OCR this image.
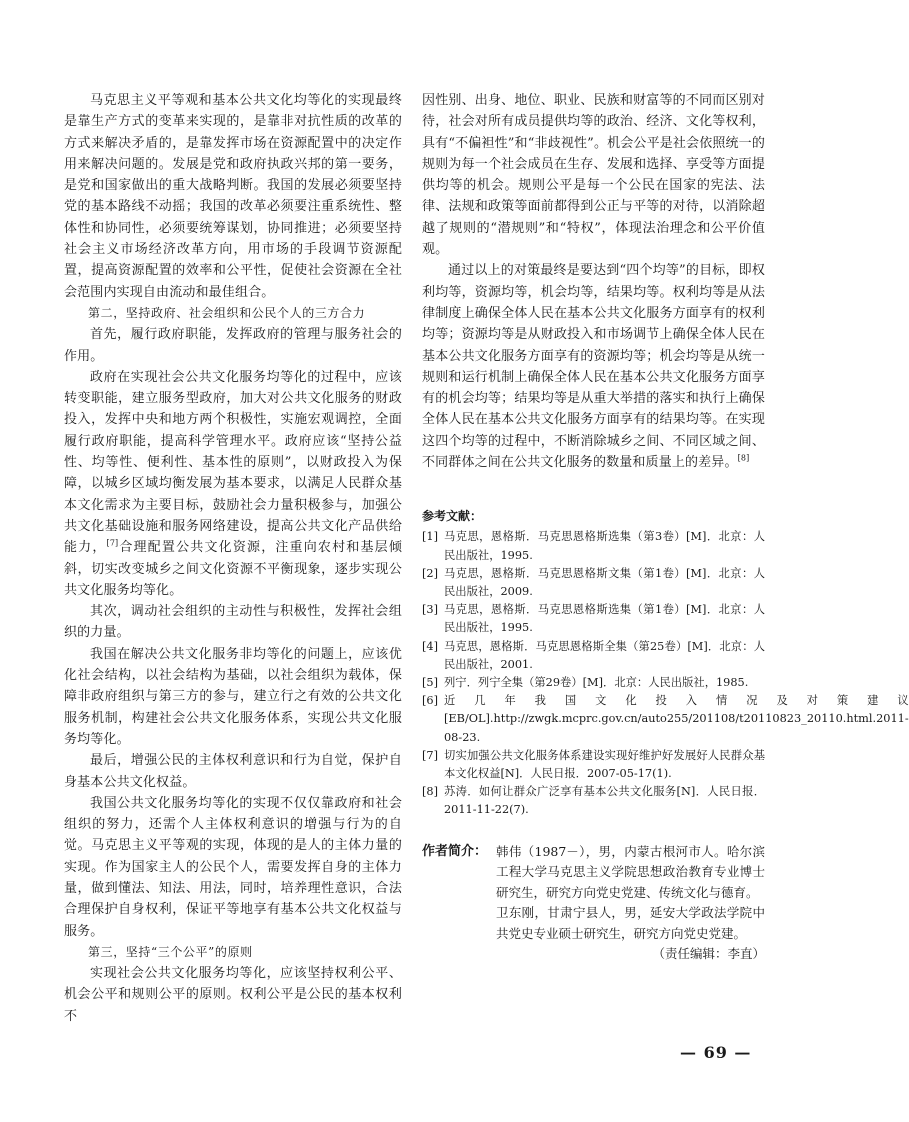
马克思主义平等观和基本公共文化均等化的实现最终是靠生产方式的变革来实现的，是靠非对抗性质的改革的方式来解决矛盾的，是靠发挥市场在资源配置中的决定作用来解决问题的。发展是党和政府执政兴邦的第一要务，是党和国家做出的重大战略判断。我国的发展必须要坚持党的基本路线不动摇；我国的改革必须要注重系统性、整体性和协同性，必须要统筹谋划，协同推进；必须要坚持社会主义市场经济改革方向，用市场的手段调节资源配置，提高资源配置的效率和公平性，促使社会资源在全社会范围内实现自由流动和最佳组合。

第二，坚持政府、社会组织和公民个人的三方合力

首先，履行政府职能，发挥政府的管理与服务社会的作用。

政府在实现社会公共文化服务均等化的过程中，应该转变职能，建立服务型政府，加大对公共文化服务的财政投入，发挥中央和地方两个积极性，实施宏观调控，全面履行政府职能，提高科学管理水平。政府应该“坚持公益性、均等性、便利性、基本性的原则”，以财政投入为保障，以城乡区域均衡发展为基本要求，以满足人民群众基本文化需求为主要目标，鼓励社会力量积极参与，加强公共文化基础设施和服务网络建设，提高公共文化产品供给能力，[7]合理配置公共文化资源，注重向农村和基层倾斜，切实改变城乡之间文化资源不平衡现象，逐步实现公共文化服务均等化。

其次，调动社会组织的主动性与积极性，发挥社会组织的力量。

我国在解决公共文化服务非均等化的问题上，应该优化社会结构，以社会结构为基础，以社会组织为载体，保障非政府组织与第三方的参与，建立行之有效的公共文化服务机制，构建社会公共文化服务体系，实现公共文化服务均等化。

最后，增强公民的主体权利意识和行为自觉，保护自身基本公共文化权益。

我国公共文化服务均等化的实现不仅仅靠政府和社会组织的努力，还需个人主体权利意识的增强与行为的自觉。马克思主义平等观的实现，体现的是人的主体力量的实现。作为国家主人的公民个人，需要发挥自身的主体力量，做到懂法、知法、用法，同时，培养理性意识，合法合理保护自身权利，保证平等地享有基本公共文化权益与服务。

第三，坚持“三个公平”的原则

实现社会公共文化服务均等化，应该坚持权利公平、机会公平和规则公平的原则。权利公平是公民的基本权利不

因性别、出身、地位、职业、民族和财富等的不同而区别对待，社会对所有成员提供均等的政治、经济、文化等权利，具有“不偏袒性”和“非歧视性”。机会公平是社会依照统一的规则为每一个社会成员在生存、发展和选择、享受等方面提供均等的机会。规则公平是每一个公民在国家的宪法、法律、法规和政策等面前都得到公正与平等的对待，以消除超越了规则的“潜规则”和“特权”，体现法治理念和公平价值观。

通过以上的对策最终是要达到“四个均等”的目标，即权利均等，资源均等，机会均等，结果均等。权利均等是从法律制度上确保全体人民在基本公共文化服务方面享有的权利均等；资源均等是从财政投入和市场调节上确保全体人民在基本公共文化服务方面享有的资源均等；机会均等是从统一规则和运行机制上确保全体人民在基本公共文化服务方面享有的机会均等；结果均等是从重大举措的落实和执行上确保全体人民在基本公共文化服务方面享有的结果均等。在实现这四个均等的过程中，不断消除城乡之间、不同区域之间、不同群体之间在公共文化服务的数量和质量上的差异。[8]

参考文献：
[1] 马克思，恩格斯．马克思恩格斯选集（第3卷）[M]．北京：人民出版社，1995.
[2] 马克思，恩格斯．马克思恩格斯文集（第1卷）[M]．北京：人民出版社，2009.
[3] 马克思，恩格斯．马克思恩格斯选集（第1卷）[M]．北京：人民出版社，1995.
[4] 马克思，恩格斯．马克思恩格斯全集（第25卷）[M]．北京：人民出版社，2001.
[5] 列宁．列宁全集（第29卷）[M]．北京：人民出版社，1985.
[6] 近几年我国文化投入情况及对策建议[EB/OL].http://zwgk.mcprc.gov.cn/auto255/201108/t20110823_20110.html.2011-08-23.
[7] 切实加强公共文化服务体系建设实现好维护好发展好人民群众基本文化权益[N]．人民日报．2007-05-17(1).
[8] 苏涛．如何让群众广泛享有基本公共文化服务[N]．人民日报．2011-11-22(7).
作者简介： 韩伟（1987－），男，内蒙古根河市人。哈尔滨工程大学马克思主义学院思想政治教育专业博士研究生，研究方向党史党建、传统文化与德育。

卫东刚，甘肃宁县人，男，延安大学政法学院中共党史专业硕士研究生，研究方向党史党建。

（责任编辑：李直）

— 69 —
